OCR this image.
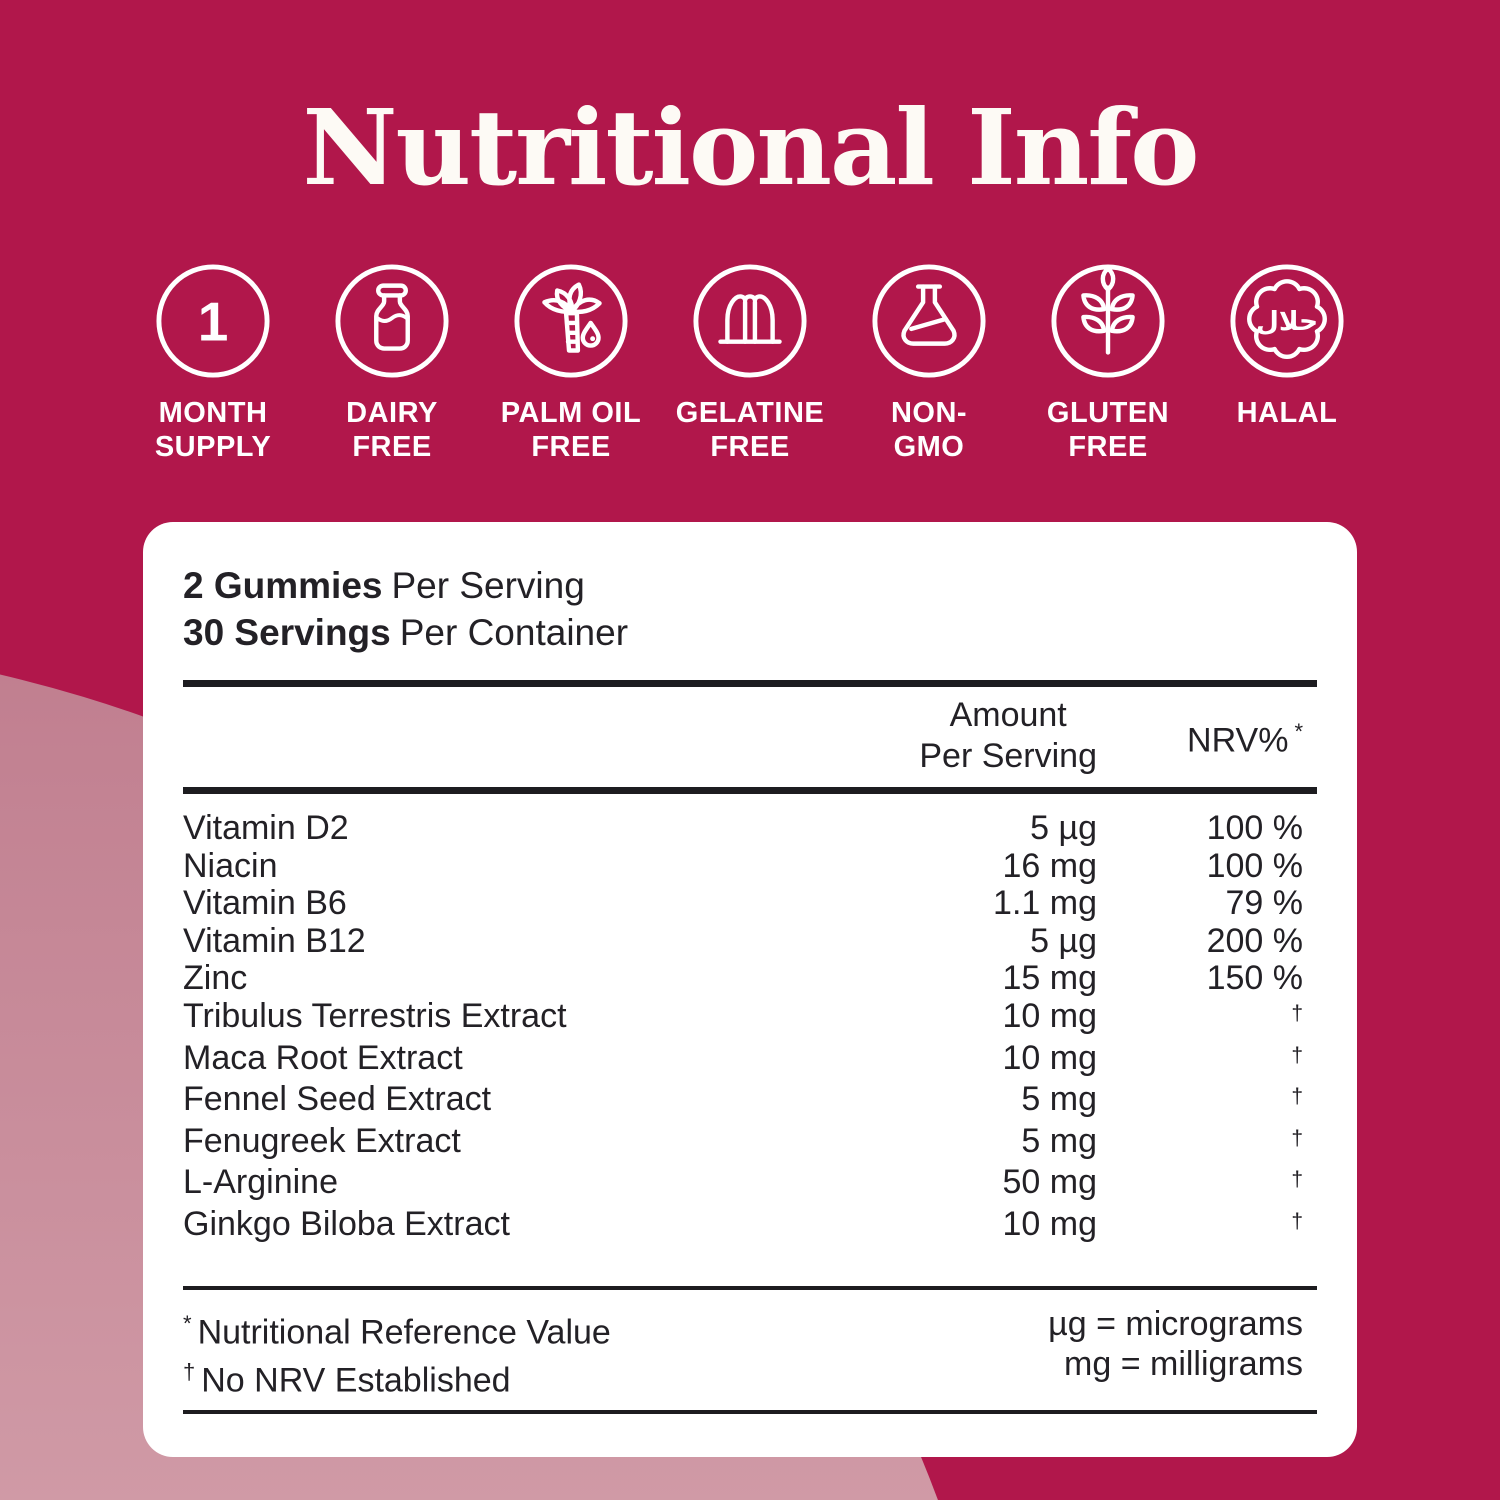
Nutritional Info
1
MONTH
SUPPLY
DAIRY
FREE
PALM OIL
FREE
GELATINE
FREE
NON-
GMO
GLUTEN
FREE
حلال
HALAL
2 Gummies Per Serving
30 Servings Per Container
Amount
Per Serving	NRV% *
Vitamin D2	5 µg	100 %
Niacin	16 mg	100 %
Vitamin B6	1.1 mg	79 %
Vitamin B12	5 µg	200 %
Zinc	15 mg	150 %
Tribulus Terrestris Extract	10 mg	†
Maca Root Extract	10 mg	†
Fennel Seed Extract	5 mg	†
Fenugreek Extract	5 mg	†
L-Arginine	50 mg	†
Ginkgo Biloba Extract	10 mg	†
* Nutritional Reference Value
† No NRV Established
µg = micrograms
mg = milligrams
